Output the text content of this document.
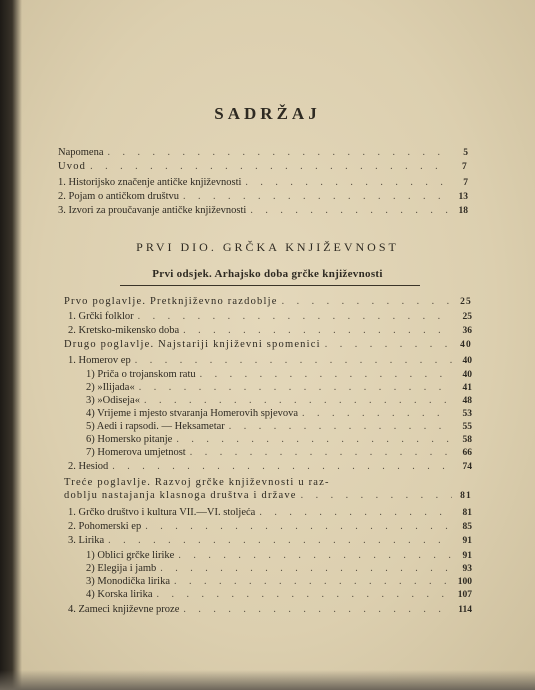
SADRŽAJ
Napomena . . .	5
Uvod . . .	7
1. Historijsko značenje antičke književnosti . . .	7
2. Pojam o antičkom društvu . . .	13
3. Izvori za proučavanje antičke književnosti . . .	18
PRVI DIO. GRČKA KNJIŽEVNOST
Prvi odsjek. Arhajsko doba grčke književnosti
Prvo poglavlje. Pretknjiževno razdoblje . . .	25
1. Grčki folklor . . .	25
2. Kretsko-mikensko doba . . .	36
Drugo poglavlje. Najstariji književni spomenici . . .	40
1. Homerov ep . . .	40
1) Priča o trojanskom ratu . . .	40
2) »Ilijada« . . .	41
3) »Odiseja« . . .	48
4) Vrijeme i mjesto stvaranja Homerovih spjevova . . .	53
5) Aedi i rapsodi. — Heksametar . . .	55
6) Homersko pitanje . . .	58
7) Homerova umjetnost . . .	66
2. Hesiod . . .	74
Treće poglavlje. Razvoj grčke književnosti u raz-
doblju nastajanja klasnoga društva i države . . .	81
1. Grčko društvo i kultura VII.—VI. stoljeća . . .	81
2. Pohomerski ep . . .	85
3. Lirika . . .	91
1) Oblici grčke lirike . . .	91
2) Elegija i jamb . . .	93
3) Monodička lirika . . .	100
4) Korska lirika . . .	107
4. Zameci književne proze . . .	114
